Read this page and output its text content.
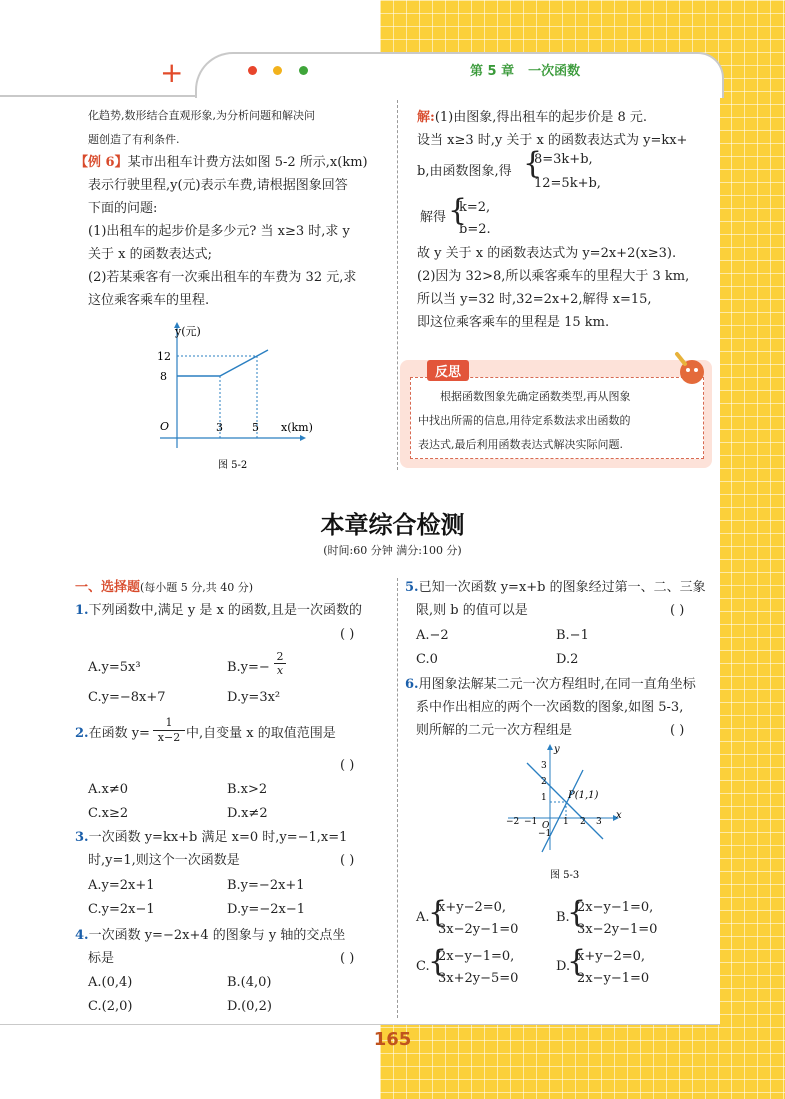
+	第 5 章 一次函数
化趋势,数形结合直观形象,为分析问题和解决问
题创造了有利条件.
【例 6】某市出租车计费方法如图 5-2 所示,x(km)
表示行驶里程,y(元)表示车费,请根据图象回答
下面的问题:
(1)出租车的起步价是多少元? 当 x≥3 时,求 y
关于 x 的函数表达式;
(2)若某乘客有一次乘出租车的车费为 32 元,求
这位乘客乘车的里程.
y(元)
12
8
O	3	5 x(km)
图 5-2
解:(1)由图象,得出租车的起步价是 8 元.
设当 x≥3 时,y 关于 x 的函数表达式为 y=kx+
b,由函数图象,得 {
8=3k+b,
12=5k+b,
解得 {
k=2,
b=2.
故 y 关于 x 的函数表达式为 y=2x+2(x≥3).
(2)因为 32>8,所以乘客乘车的里程大于 3 km,
所以当 y=32 时,32=2x+2,解得 x=15,
即这位乘客乘车的里程是 15 km.
反思
根据函数图象先确定函数类型,再从图象
中找出所需的信息,用待定系数法求出函数的
表达式,最后利用函数表达式解决实际问题.
本章综合检测
(时间:60 分钟 满分:100 分)
一、选择题(每小题 5 分,共 40 分)
1.下列函数中,满足 y 是 x 的函数,且是一次函数的
( )
A.y=5x³	B.y=−
2
x
C.y=−8x+7	D.y=3x²
2.在函数 y=
1
x−2 中,自变量 x 的取值范围是
( )
A.x≠0	B.x>2
C.x≥2	D.x≠2
3.一次函数 y=kx+b 满足 x=0 时,y=−1,x=1
时,y=1,则这个一次函数是	( )
A.y=2x+1	B.y=−2x+1
C.y=2x−1	D.y=−2x−1
4.一次函数 y=−2x+4 的图象与 y 轴的交点坐
标是	( )
A.(0,4)	B.(4,0)
C.(2,0)	D.(0,2)
5.已知一次函数 y=x+b 的图象经过第一、二、三象
限,则 b 的值可以是	( )
A.−2	B.−1
C.0	D.2
6.用图象法解某二元一次方程组时,在同一直角坐标
系中作出相应的两个一次函数的图象,如图 5-3,
则所解的二元一次方程组是	( )
P(1,1)
x
y
O
−2 −1	1 2 3
3
2
1
−1
图 5-3
A.
{
x+y−2=0,
3x−2y−1=0
B.
{
2x−y−1=0,
3x−2y−1=0
C.
{
2x−y−1=0,
3x+2y−5=0
D.
{
x+y−2=0,
2x−y−1=0
165
